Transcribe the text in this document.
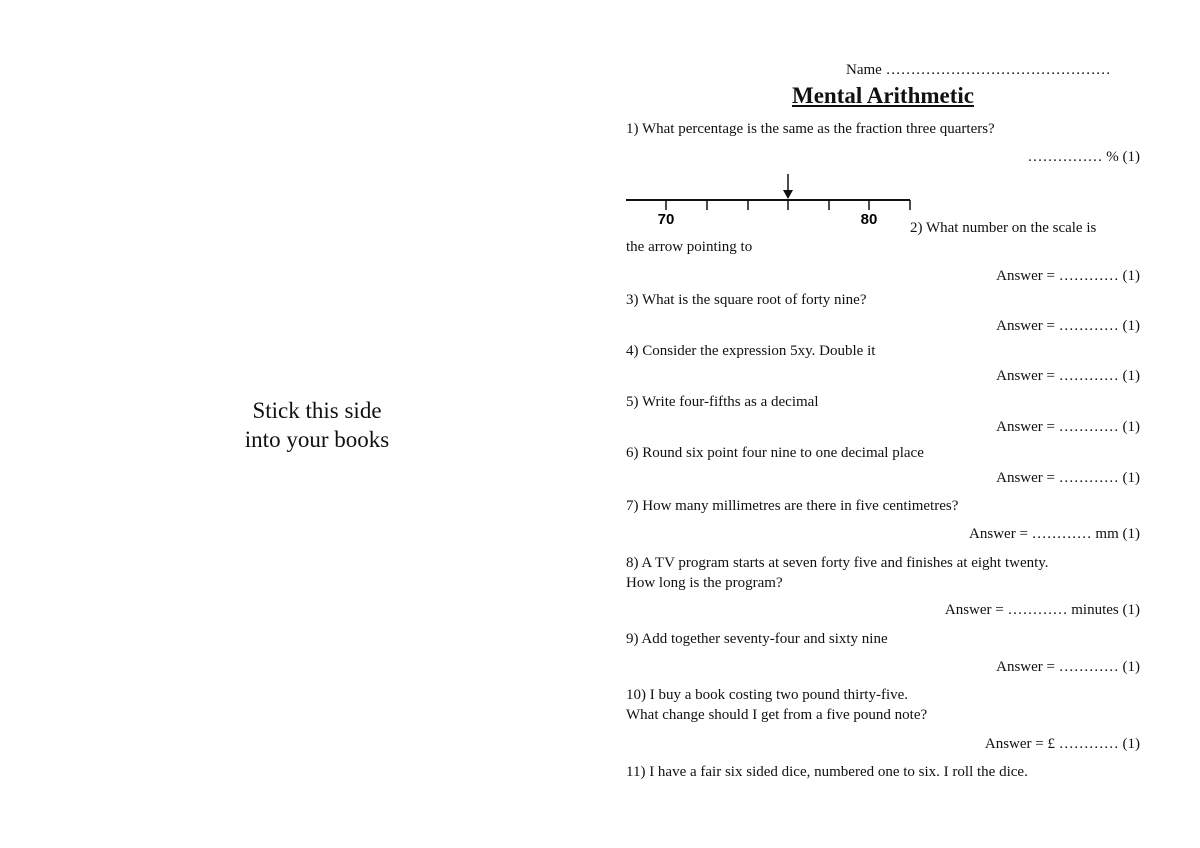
Stick this side
into your books
Name ………………………………………
Mental Arithmetic
1) What percentage is the same as the fraction three quarters?
…………… % (1)
70	80 2) What number on the scale is
the arrow pointing to
Answer = ………… (1)
3) What is the square root of forty nine?
Answer = ………… (1)
4) Consider the expression 5xy. Double it
Answer = ………… (1)
5) Write four-fifths as a decimal
Answer = ………… (1)
6) Round six point four nine to one decimal place
Answer = ………… (1)
7) How many millimetres are there in five centimetres?
Answer = ………… mm (1)
8) A TV program starts at seven forty five and finishes at eight twenty.
How long is the program?
Answer = ………… minutes (1)
9) Add together seventy-four and sixty nine
Answer = ………… (1)
10) I buy a book costing two pound thirty-five.
What change should I get from a five pound note?
Answer = £ ………… (1)
11) I have a fair six sided dice, numbered one to six. I roll the dice.
